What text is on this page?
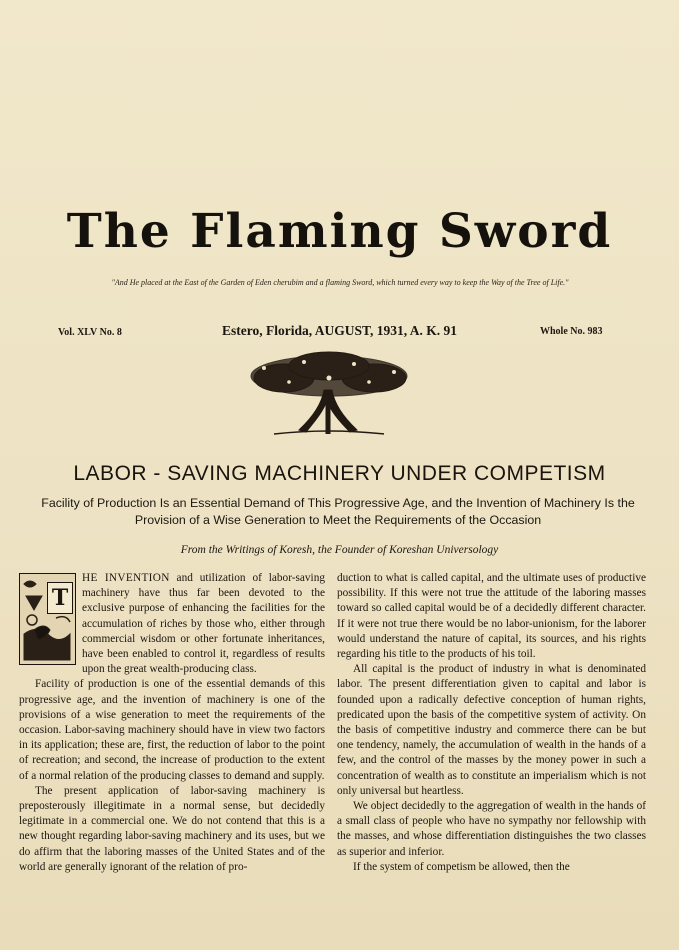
The Flaming Sword
"And He placed at the East of the Garden of Eden cherubim and a flaming Sword, which turned every way to keep the Way of the Tree of Life."
Vol. XLV No. 8	Estero, Florida, AUGUST, 1931, A. K. 91	Whole No. 983
LABOR - SAVING MACHINERY UNDER COMPETISM
Facility of Production Is an Essential Demand of This Progressive Age, and the Invention of Machinery Is the Provision of a Wise Generation to Meet the Requirements of the Occasion
From the Writings of Koresh, the Founder of Koreshan Universology
T

HE INVENTION and utilization of labor-saving machinery have thus far been devoted to the exclusive purpose of enhancing the facilities for the accumulation of riches by those who, either through commercial wisdom or other fortunate inheritances, have been enabled to control it, regardless of results upon the great wealth-producing class.

Facility of production is one of the essential demands of this progressive age, and the invention of machinery is one of the provisions of a wise generation to meet the requirements of the occasion. Labor-saving machinery should have in view two factors in its application; these are, first, the reduction of labor to the point of recreation; and second, the increase of production to the extent of a normal relation of the producing classes to demand and supply.

The present application of labor-saving machinery is preposterously illegitimate in a normal sense, but decidedly legitimate in a commercial one. We do not contend that this is a new thought regarding labor-saving machinery and its uses, but we do affirm that the laboring masses of the United States and of the world are generally ignorant of the relation of pro-

duction to what is called capital, and the ultimate uses of productive possibility. If this were not true the attitude of the laboring masses toward so called capital would be of a decidedly different character. If it were not true there would be no labor-unionism, for the laborer would understand the nature of capital, its sources, and his rights regarding his title to the products of his toil.

All capital is the product of industry in what is denominated labor. The present differentiation given to capital and labor is founded upon a radically defective conception of human rights, predicated upon the basis of the competitive system of activity. On the basis of competitive industry and commerce there can be but one tendency, namely, the accumulation of wealth in the hands of a few, and the control of the masses by the money power in such a concentration of wealth as to constitute an imperialism which is not only universal but heartless.

We object decidedly to the aggregation of wealth in the hands of a small class of people who have no sympathy nor fellowship with the masses, and whose differentiation distinguishes the two classes as superior and inferior.

If the system of competism be allowed, then the
